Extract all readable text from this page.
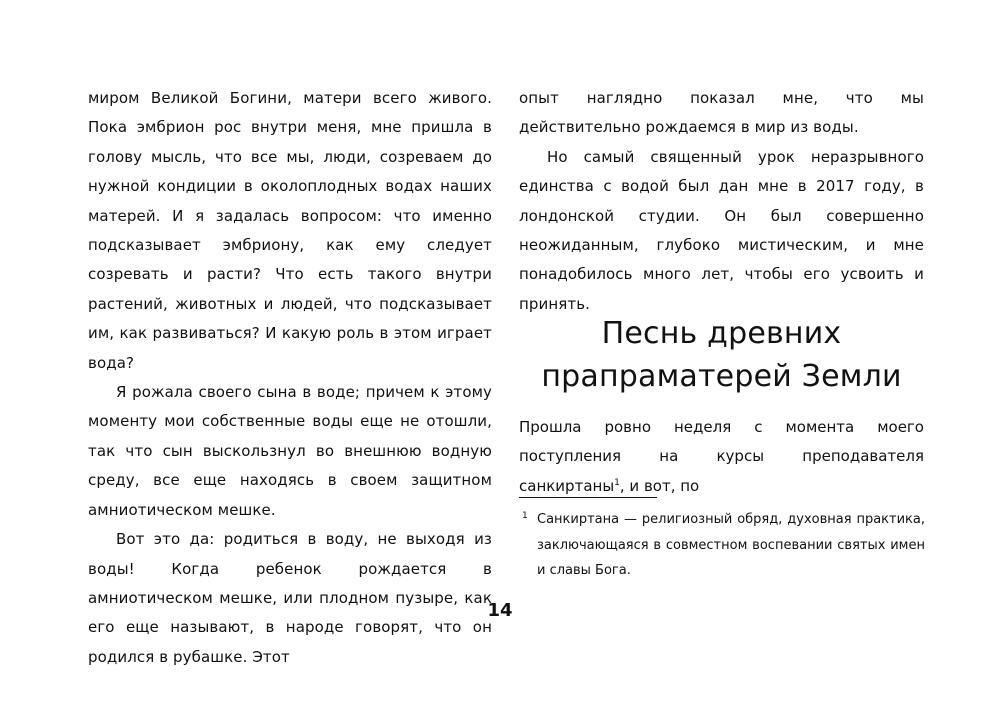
миром Великой Богини, матери всего живого. Пока эмбрион рос внутри меня, мне пришла в голову мысль, что все мы, люди, созреваем до нужной кондиции в околоплодных водах наших матерей. И я задалась вопросом: что именно подсказывает эмбриону, как ему следует созревать и расти? Что есть такого внутри растений, животных и людей, что подсказывает им, как развиваться? И какую роль в этом играет вода?

Я рожала своего сына в воде; причем к этому моменту мои собственные воды еще не отошли, так что сын выскользнул во внешнюю водную среду, все еще находясь в своем защитном амниотическом мешке.

Вот это да: родиться в воду, не выходя из воды! Когда ребенок рождается в амниотическом мешке, или плодном пузыре, как его еще называют, в народе говорят, что он родился в рубашке. Этот

опыт наглядно показал мне, что мы действительно рождаемся в мир из воды.

Но самый священный урок неразрывного единства с водой был дан мне в 2017 году, в лондонской студии. Он был совершенно неожиданным, глубоко мистическим, и мне понадобилось много лет, чтобы его усвоить и принять.

Песнь древних прапраматерей Земли

Прошла ровно неделя с момента моего поступления на курсы преподавателя санкиртаны$^1$, и вот, по

1 Санкиртана — религиозный обряд, духовная практика, заключающаяся в совместном воспевании святых имен и славы Бога.

14
